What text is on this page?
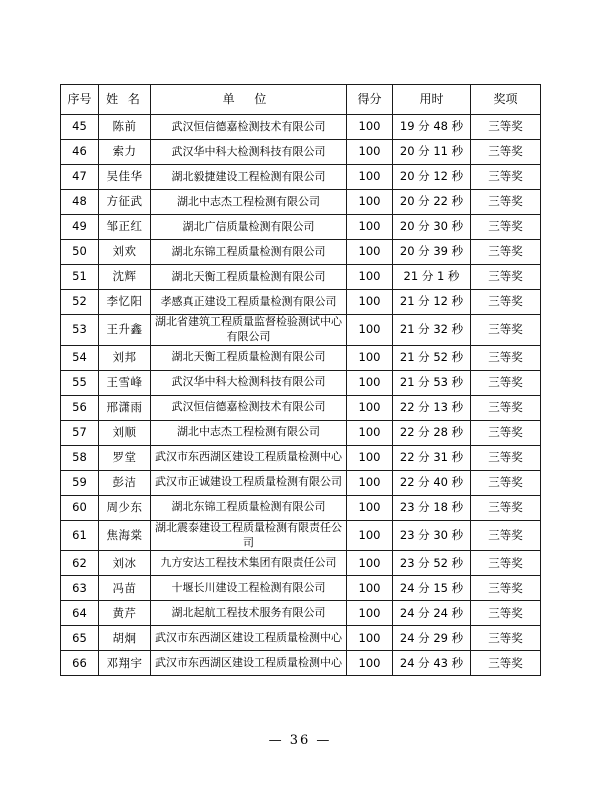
序号	姓 名	单 位	得分	用时	奖项
45	陈前	武汉恒信德嘉检测技术有限公司	100	19 分 48 秒	三等奖
46	索力	武汉华中科大检测科技有限公司	100	20 分 11 秒	三等奖
47	吴佳华	湖北毅捷建设工程检测有限公司	100	20 分 12 秒	三等奖
48	方征武	湖北中志杰工程检测有限公司	100	20 分 22 秒	三等奖
49	邹正红	湖北广信质量检测有限公司	100	20 分 30 秒	三等奖
50	刘欢	湖北东锦工程质量检测有限公司	100	20 分 39 秒	三等奖
51	沈辉	湖北天衡工程质量检测有限公司	100	21 分 1 秒	三等奖
52	李忆阳	孝感真正建设工程质量检测有限公司	100	21 分 12 秒	三等奖
53	王升鑫	湖北省建筑工程质量监督检验测试中心有限公司	100	21 分 32 秒	三等奖
54	刘邦	湖北天衡工程质量检测有限公司	100	21 分 52 秒	三等奖
55	王雪峰	武汉华中科大检测科技有限公司	100	21 分 53 秒	三等奖
56	邢潇雨	武汉恒信德嘉检测技术有限公司	100	22 分 13 秒	三等奖
57	刘顺	湖北中志杰工程检测有限公司	100	22 分 28 秒	三等奖
58	罗堂	武汉市东西湖区建设工程质量检测中心	100	22 分 31 秒	三等奖
59	彭洁	武汉市正诚建设工程质量检测有限公司	100	22 分 40 秒	三等奖
60	周少东	湖北东锦工程质量检测有限公司	100	23 分 18 秒	三等奖
61	焦海棠	湖北震泰建设工程质量检测有限责任公司	100	23 分 30 秒	三等奖
62	刘冰	九方安达工程技术集团有限责任公司	100	23 分 52 秒	三等奖
63	冯苗	十堰长川建设工程检测有限公司	100	24 分 15 秒	三等奖
64	黄芹	湖北起航工程技术服务有限公司	100	24 分 24 秒	三等奖
65	胡炯	武汉市东西湖区建设工程质量检测中心	100	24 分 29 秒	三等奖
66	邓翔宇	武汉市东西湖区建设工程质量检测中心	100	24 分 43 秒	三等奖
— 36 —
